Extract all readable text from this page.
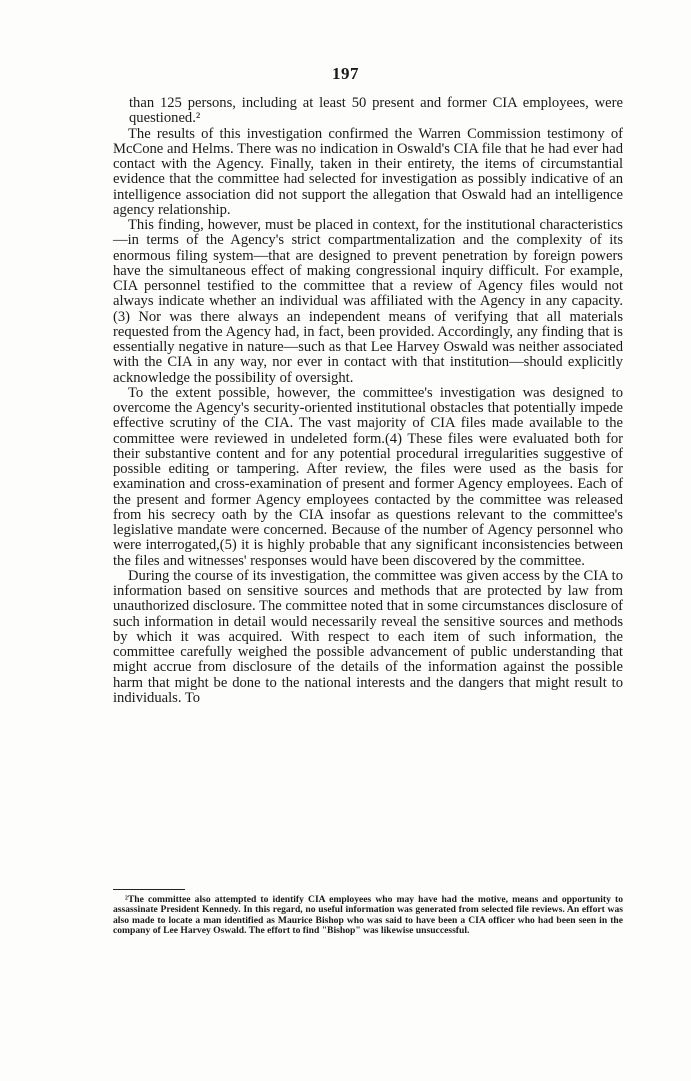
197

than 125 persons, including at least 50 present and former CIA employees, were questioned.²

The results of this investigation confirmed the Warren Commission testimony of McCone and Helms. There was no indication in Oswald's CIA file that he had ever had contact with the Agency. Finally, taken in their entirety, the items of circumstantial evidence that the committee had selected for investigation as possibly indicative of an intelligence association did not support the allegation that Oswald had an intelligence agency relationship.

This finding, however, must be placed in context, for the institutional characteristics—in terms of the Agency's strict compartmentalization and the complexity of its enormous filing system—that are designed to prevent penetration by foreign powers have the simultaneous effect of making congressional inquiry difficult. For example, CIA personnel testified to the committee that a review of Agency files would not always indicate whether an individual was affiliated with the Agency in any capacity.(3) Nor was there always an independent means of verifying that all materials requested from the Agency had, in fact, been provided. Accordingly, any finding that is essentially negative in nature—such as that Lee Harvey Oswald was neither associated with the CIA in any way, nor ever in contact with that institution—should explicitly acknowledge the possibility of oversight.

To the extent possible, however, the committee's investigation was designed to overcome the Agency's security-oriented institutional obstacles that potentially impede effective scrutiny of the CIA. The vast majority of CIA files made available to the committee were reviewed in undeleted form.(4) These files were evaluated both for their substantive content and for any potential procedural irregularities suggestive of possible editing or tampering. After review, the files were used as the basis for examination and cross-examination of present and former Agency employees. Each of the present and former Agency employees contacted by the committee was released from his secrecy oath by the CIA insofar as questions relevant to the committee's legislative mandate were concerned. Because of the number of Agency personnel who were interrogated,(5) it is highly probable that any significant inconsistencies between the files and witnesses' responses would have been discovered by the committee.

During the course of its investigation, the committee was given access by the CIA to information based on sensitive sources and methods that are protected by law from unauthorized disclosure. The committee noted that in some circumstances disclosure of such information in detail would necessarily reveal the sensitive sources and methods by which it was acquired. With respect to each item of such information, the committee carefully weighed the possible advancement of public understanding that might accrue from disclosure of the details of the information against the possible harm that might be done to the national interests and the dangers that might result to individuals. To

²The committee also attempted to identify CIA employees who may have had the motive, means and opportunity to assassinate President Kennedy. In this regard, no useful information was generated from selected file reviews. An effort was also made to locate a man identified as Maurice Bishop who was said to have been a CIA officer who had been seen in the company of Lee Harvey Oswald. The effort to find "Bishop" was likewise unsuccessful.
